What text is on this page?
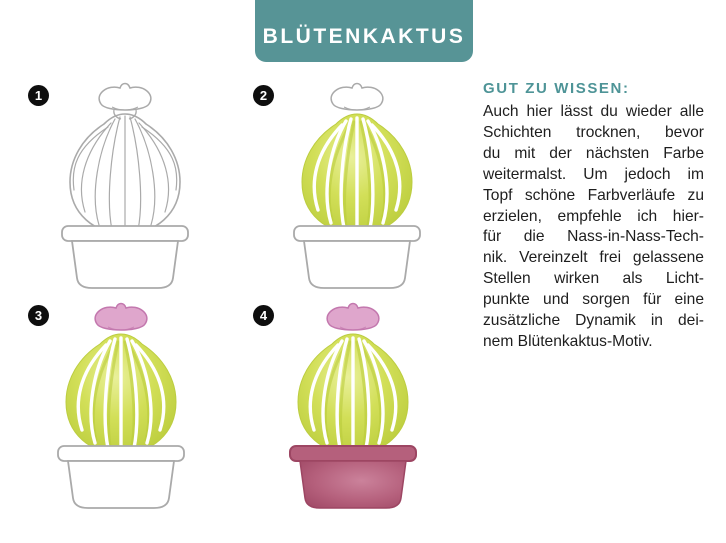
BLÜTENKAKTUS
1	2
3	4
GUT ZU WISSEN:
Auch hier lässt du wieder alle
Schichten trocknen, bevor
du mit der nächsten Farbe
weitermalst. Um jedoch im
Topf schöne Farbverläufe zu
erzielen, empfehle ich hier-
für die Nass-in-Nass-Tech-
nik. Vereinzelt frei gelassene
Stellen wirken als Licht-
punkte und sorgen für eine
zusätzliche Dynamik in dei-
nem Blütenkaktus-Motiv.
